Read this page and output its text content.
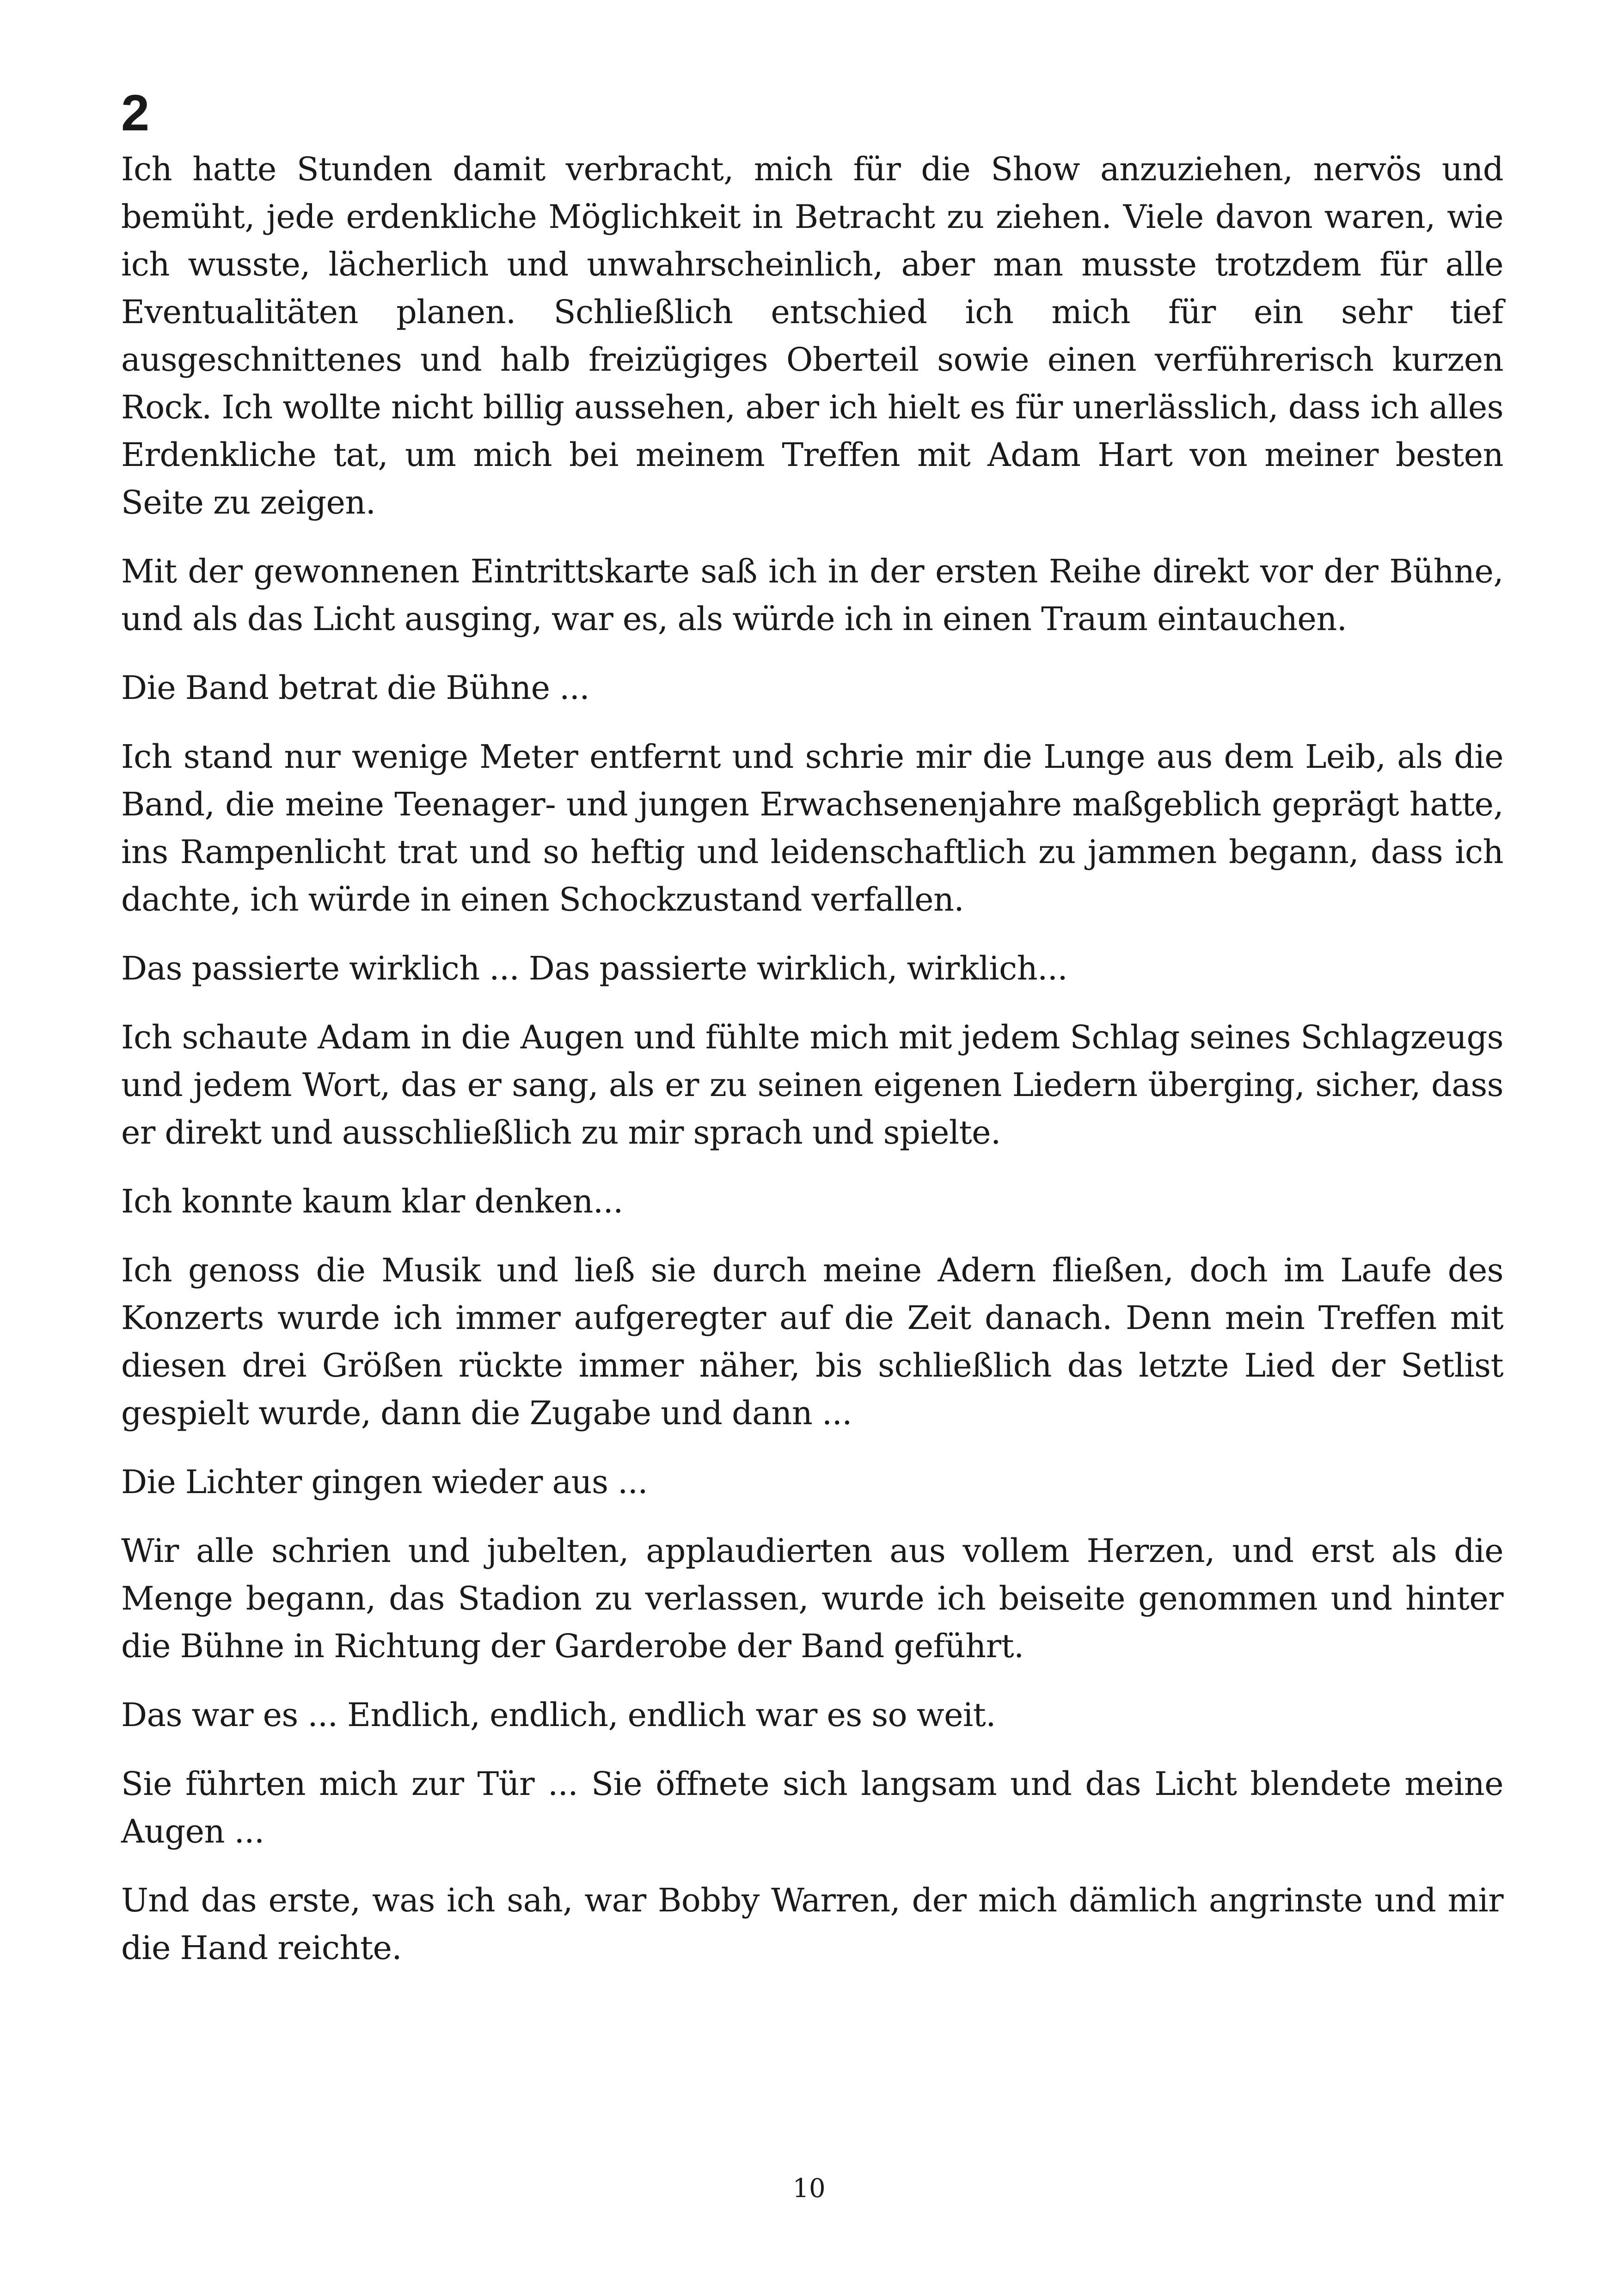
2

Ich hatte Stunden damit verbracht, mich für die Show anzuziehen, nervös und bemüht, jede erdenkliche Möglichkeit in Betracht zu ziehen. Viele davon waren, wie ich wusste, lächerlich und unwahrscheinlich, aber man musste trotzdem für alle Eventualitäten planen. Schließlich entschied ich mich für ein sehr tief ausgeschnittenes und halb freizügiges Oberteil sowie einen verführerisch kurzen Rock. Ich wollte nicht billig aussehen, aber ich hielt es für unerlässlich, dass ich alles Erdenkliche tat, um mich bei meinem Treffen mit Adam Hart von meiner besten Seite zu zeigen.

Mit der gewonnenen Eintrittskarte saß ich in der ersten Reihe direkt vor der Bühne, und als das Licht ausging, war es, als würde ich in einen Traum eintauchen.

Die Band betrat die Bühne ...

Ich stand nur wenige Meter entfernt und schrie mir die Lunge aus dem Leib, als die Band, die meine Teenager- und jungen Erwachsenenjahre maßgeblich geprägt hatte, ins Rampenlicht trat und so heftig und leidenschaftlich zu jammen begann, dass ich dachte, ich würde in einen Schockzustand verfallen.

Das passierte wirklich ... Das passierte wirklich, wirklich...

Ich schaute Adam in die Augen und fühlte mich mit jedem Schlag seines Schlagzeugs und jedem Wort, das er sang, als er zu seinen eigenen Liedern überging, sicher, dass er direkt und ausschließlich zu mir sprach und spielte.

Ich konnte kaum klar denken...

Ich genoss die Musik und ließ sie durch meine Adern fließen, doch im Laufe des Konzerts wurde ich immer aufgeregter auf die Zeit danach. Denn mein Treffen mit diesen drei Größen rückte immer näher, bis schließlich das letzte Lied der Setlist gespielt wurde, dann die Zugabe und dann ...

Die Lichter gingen wieder aus ...

Wir alle schrien und jubelten, applaudierten aus vollem Herzen, und erst als die Menge begann, das Stadion zu verlassen, wurde ich beiseite genommen und hinter die Bühne in Richtung der Garderobe der Band geführt.

Das war es ... Endlich, endlich, endlich war es so weit.

Sie führten mich zur Tür ... Sie öffnete sich langsam und das Licht blendete meine Augen ...

Und das erste, was ich sah, war Bobby Warren, der mich dämlich angrinste und mir die Hand reichte.

10
